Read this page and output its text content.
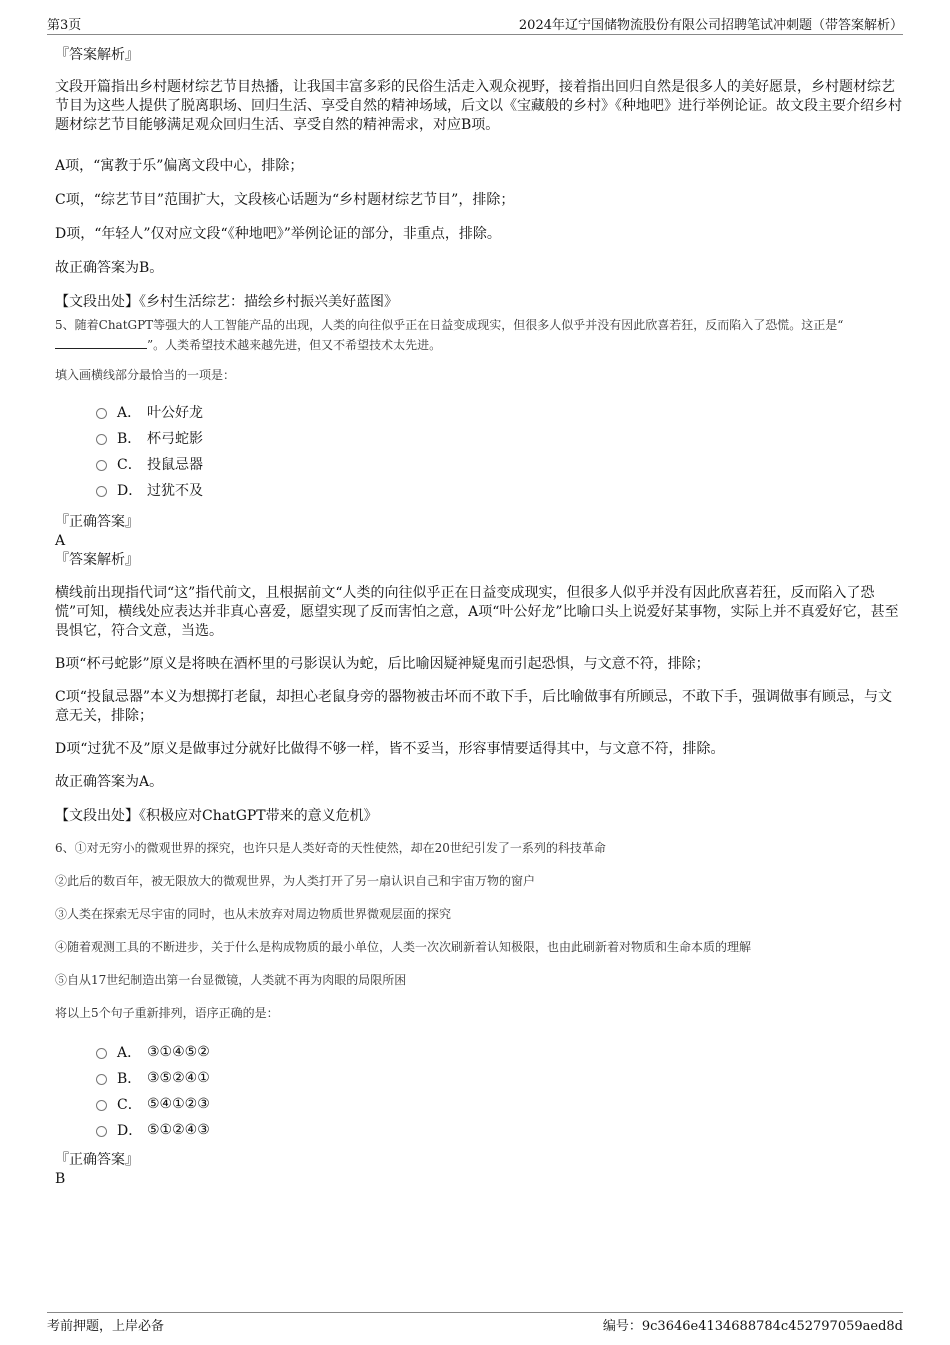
第3页	2024年辽宁国储物流股份有限公司招聘笔试冲刺题（带答案解析）
『答案解析』

文段开篇指出乡村题材综艺节目热播，让我国丰富多彩的民俗生活走入观众视野，接着指出回归自然是很多人的美好愿景，乡村题材综艺节目为这些人提供了脱离职场、回归生活、享受自然的精神场域，后文以《宝藏般的乡村》《种地吧》进行举例论证。故文段主要介绍乡村题材综艺节目能够满足观众回归生活、享受自然的精神需求，对应B项。

A项，“寓教于乐”偏离文段中心，排除；

C项，“综艺节目”范围扩大，文段核心话题为“乡村题材综艺节目”，排除；

D项，“年轻人”仅对应文段“《种地吧》”举例论证的部分，非重点，排除。

故正确答案为B。

【文段出处】《乡村生活综艺：描绘乡村振兴美好蓝图》

5、随着ChatGPT等强大的人工智能产品的出现，人类的向往似乎正在日益变成现实，但很多人似乎并没有因此欣喜若狂，反而陷入了恐慌。这正是“”。人类希望技术越来越先进，但又不希望技术太先进。

填入画横线部分最恰当的一项是：

A． 叶公好龙
B． 杯弓蛇影
C． 投鼠忌器
D． 过犹不及
『正确答案』
A
『答案解析』

横线前出现指代词“这”指代前文，且根据前文“人类的向往似乎正在日益变成现实，但很多人似乎并没有因此欣喜若狂，反而陷入了恐慌”可知，横线处应表达并非真心喜爱，愿望实现了反而害怕之意，A项“叶公好龙”比喻口头上说爱好某事物，实际上并不真爱好它，甚至畏惧它，符合文意，当选。

B项“杯弓蛇影”原义是将映在酒杯里的弓影误认为蛇，后比喻因疑神疑鬼而引起恐惧，与文意不符，排除；

C项“投鼠忌器”本义为想掷打老鼠，却担心老鼠身旁的器物被击坏而不敢下手，后比喻做事有所顾忌，不敢下手，强调做事有顾忌，与文意无关，排除；

D项“过犹不及”原义是做事过分就好比做得不够一样，皆不妥当，形容事情要适得其中，与文意不符，排除。

故正确答案为A。

【文段出处】《积极应对ChatGPT带来的意义危机》

6、①对无穷小的微观世界的探究，也许只是人类好奇的天性使然，却在20世纪引发了一系列的科技革命

②此后的数百年，被无限放大的微观世界，为人类打开了另一扇认识自己和宇宙万物的窗户

③人类在探索无尽宇宙的同时，也从未放弃对周边物质世界微观层面的探究

④随着观测工具的不断进步，关于什么是构成物质的最小单位，人类一次次刷新着认知极限，也由此刷新着对物质和生命本质的理解

⑤自从17世纪制造出第一台显微镜，人类就不再为肉眼的局限所困

将以上5个句子重新排列，语序正确的是：

A． ③①④⑤②
B． ③⑤②④①
C． ⑤④①②③
D． ⑤①②④③
『正确答案』
B
考前押题，上岸必备	编号：9c3646e4134688784c452797059aed8d
